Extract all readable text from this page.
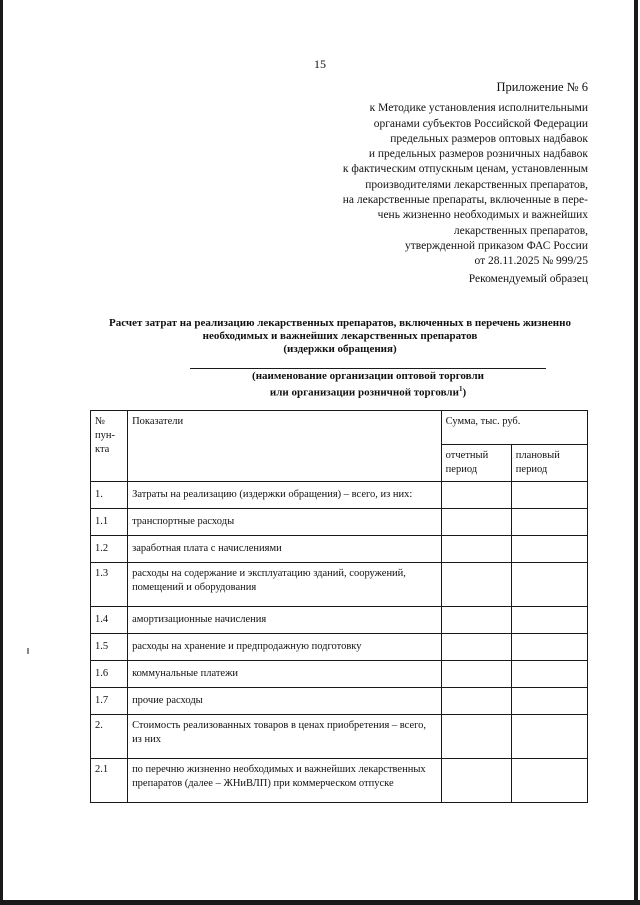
15
Приложение № 6
к Методике установления исполнительными
органами субъектов Российской Федерации
предельных размеров оптовых надбавок
и предельных размеров розничных надбавок
к фактическим отпускным ценам, установленным
производителями лекарственных препаратов,
на лекарственные препараты, включенные в пере-
чень жизненно необходимых и важнейших
лекарственных препаратов,
утвержденной приказом ФАС России
от 28.11.2025 № 999/25
Рекомендуемый образец
Расчет затрат на реализацию лекарственных препаратов, включенных в перечень жизненно
необходимых и важнейших лекарственных препаратов
(издержки обращения)
(наименование организации оптовой торговли
или организации розничной торговли$^1$)
№ пун-кта	Показатели	Сумма, тыс. руб.	
		отчетный период	плановый период
1.	Затраты на реализацию (издержки обращения) – всего, из них:		
1.1	транспортные расходы		
1.2	заработная плата с начислениями		
1.3	расходы на содержание и эксплуатацию зданий, сооружений, помещений и оборудования		
1.4	амортизационные начисления		
1.5	расходы на хранение и предпродажную подготовку		
1.6	коммунальные платежи		
1.7	прочие расходы		
2.	Стоимость реализованных товаров в ценах приобретения – всего, из них		
2.1	по перечню жизненно необходимых и важнейших лекарственных препаратов (далее – ЖНиВЛП) при коммерческом отпуске		
